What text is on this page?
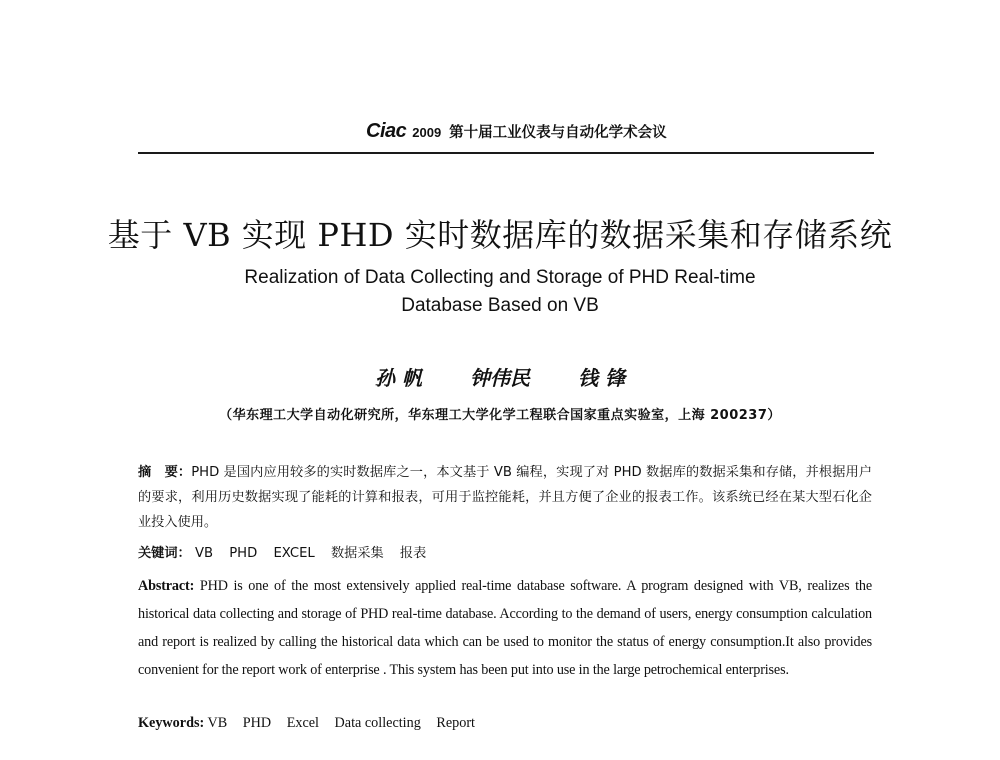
Ciac 2009 第十届工业仪表与自动化学术会议
基于 VB 实现 PHD 实时数据库的数据采集和存储系统
Realization of Data Collecting and Storage of PHD Real-time
Database Based on VB
孙 帆 钟伟民 钱 锋
（华东理工大学自动化研究所，华东理工大学化学工程联合国家重点实验室，上海 200237）
摘　要：PHD 是国内应用较多的实时数据库之一，本文基于 VB 编程，实现了对 PHD 数据库的数据采集和存储，并根据用户的要求，利用历史数据实现了能耗的计算和报表，可用于监控能耗，并且方便了企业的报表工作。该系统已经在某大型石化企业投入使用。
关键词： VB PHD EXCEL 数据采集 报表
Abstract: PHD is one of the most extensively applied real-time database software. A program designed with VB, realizes the historical data collecting and storage of PHD real-time database. According to the demand of users, energy consumption calculation and report is realized by calling the historical data which can be used to monitor the status of energy consumption.It also provides convenient for the report work of enterprise . This system has been put into use in the large petrochemical enterprises.
Keywords: VB PHD Excel Data collecting Report
